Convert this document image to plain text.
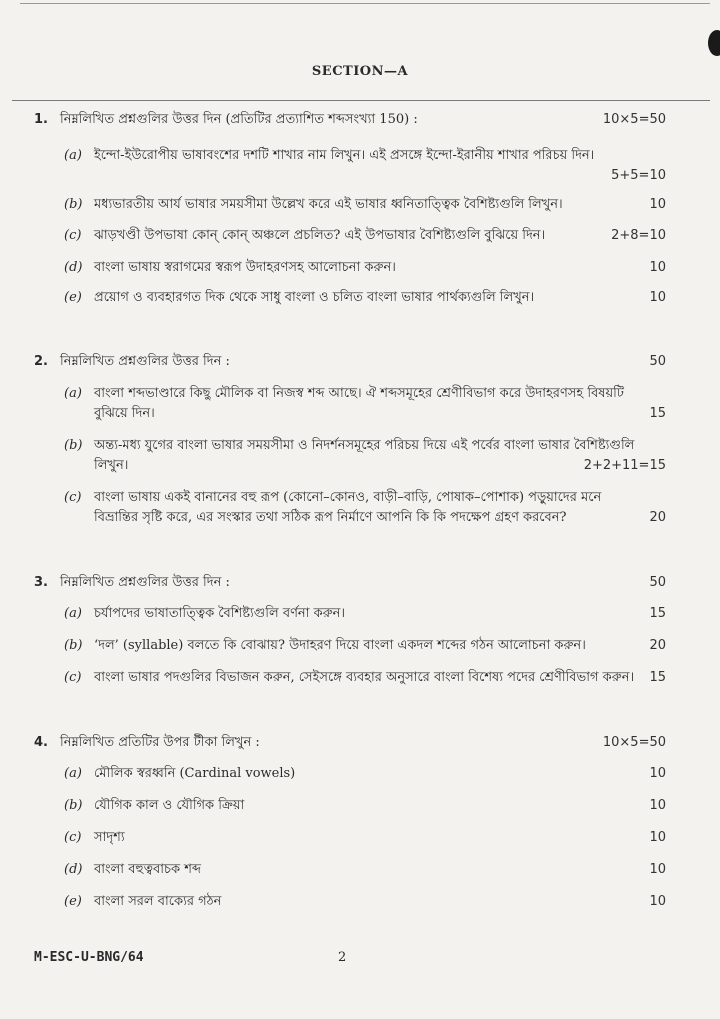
SECTION—A
1. নিম্নলিখিত প্রশ্নগুলির উত্তর দিন (প্রতিটির প্রত্যাশিত শব্দসংখ্যা 150) :	10×5=50
(a) ইন্দো-ইউরোপীয় ভাষাবংশের দশটি শাখার নাম লিখুন। এই প্রসঙ্গে ইন্দো-ইরানীয় শাখার পরিচয় দিন।
5+5=10
(b) মধ্যভারতীয় আর্য ভাষার সময়সীমা উল্লেখ করে এই ভাষার ধ্বনিতাত্ত্বিক বৈশিষ্ট্যগুলি লিখুন।	10
(c) ঝাড়খণ্ডী উপভাষা কোন্‌ কোন্‌ অঞ্চলে প্রচলিত? এই উপভাষার বৈশিষ্ট্যগুলি বুঝিয়ে দিন।	2+8=10
(d) বাংলা ভাষায় স্বরাগমের স্বরূপ উদাহরণসহ আলোচনা করুন।	10
(e) প্রয়োগ ও ব্যবহারগত দিক থেকে সাধু বাংলা ও চলিত বাংলা ভাষার পার্থক্যগুলি লিখুন।	10
2. নিম্নলিখিত প্রশ্নগুলির উত্তর দিন :	50
(a) বাংলা শব্দভাণ্ডারে কিছু মৌলিক বা নিজস্ব শব্দ আছে। ঐ শব্দসমূহের শ্রেণীবিভাগ করে উদাহরণসহ বিষয়টি
বুঝিয়ে দিন।	15
(b) অন্ত্য-মধ্য যুগের বাংলা ভাষার সময়সীমা ও নিদর্শনসমূহের পরিচয় দিয়ে এই পর্বের বাংলা ভাষার বৈশিষ্ট্যগুলি
লিখুন।	2+2+11=15
(c) বাংলা ভাষায় একই বানানের বহু রূপ (কোনো–কোনও, বাড়ী–বাড়ি, পোষাক–পোশাক) পড়ুয়াদের মনে
বিভ্রান্তির সৃষ্টি করে, এর সংস্কার তথা সঠিক রূপ নির্মাণে আপনি কি কি পদক্ষেপ গ্রহণ করবেন?	20
3. নিম্নলিখিত প্রশ্নগুলির উত্তর দিন :	50
(a) চর্যাপদের ভাষাতাত্ত্বিক বৈশিষ্ট্যগুলি বর্ণনা করুন।	15
(b) ‘দল’ (syllable) বলতে কি বোঝায়? উদাহরণ দিয়ে বাংলা একদল শব্দের গঠন আলোচনা করুন।	20
(c) বাংলা ভাষার পদগুলির বিভাজন করুন, সেইসঙ্গে ব্যবহার অনুসারে বাংলা বিশেষ্য পদের শ্রেণীবিভাগ করুন। 15
4. নিম্নলিখিত প্রতিটির উপর টীকা লিখুন :	10×5=50
(a) মৌলিক স্বরধ্বনি (Cardinal vowels)	10
(b) যৌগিক কাল ও যৌগিক ক্রিয়া	10
(c) সাদৃশ্য	10
(d) বাংলা বহুত্ববাচক শব্দ	10
(e) বাংলা সরল বাক্যের গঠন	10
M-ESC-U-BNG/64	2
